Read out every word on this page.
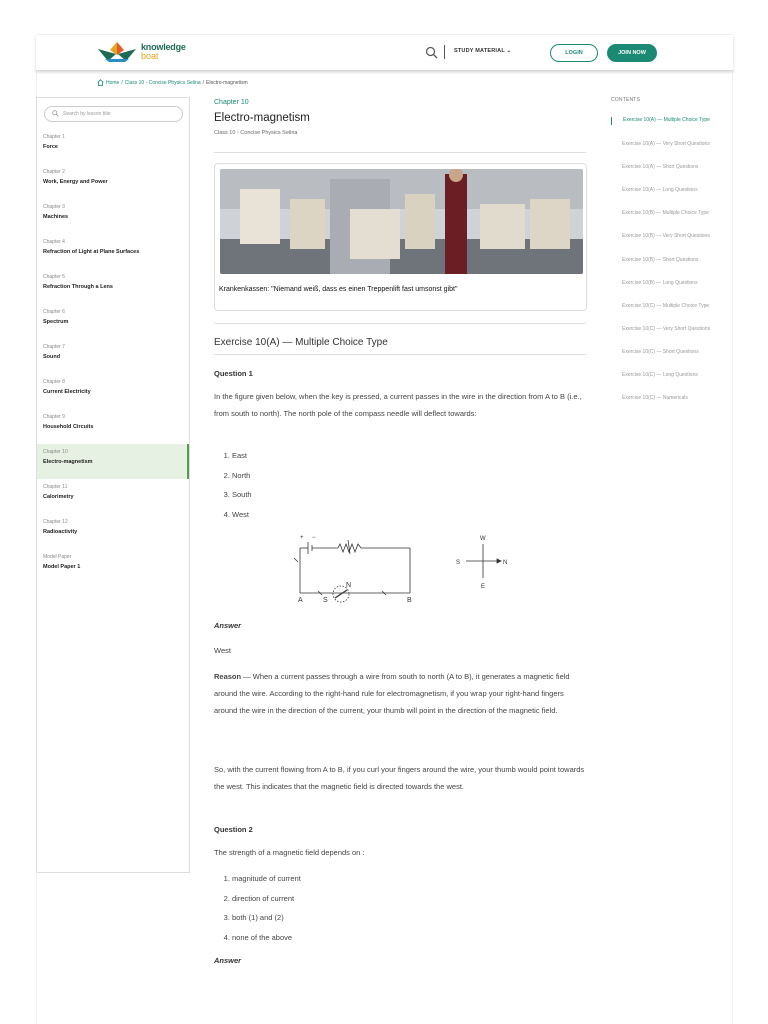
knowledge
boat	STUDY MATERIAL ⌄	LOGIN	JOIN NOW
Home / Class 10 - Concise Physics Selina / Electro-magnetism
Search by lesson title
Chapter 1
Force
Chapter 2
Work, Energy and Power
Chapter 3
Machines
Chapter 4
Refraction of Light at Plane Surfaces
Chapter 5
Refraction Through a Lens
Chapter 6
Spectrum
Chapter 7
Sound
Chapter 8
Current Electricity
Chapter 9
Household Circuits
Chapter 10
Electro-magnetism
Chapter 11
Calorimetry
Chapter 12
Radioactivity
Model Paper
Model Paper 1
Chapter 10
Electro-magnetism
Class 10 - Concise Physics Selina
Krankenkassen: "Niemand weiß, dass es einen Treppenlift fast umsonst gibt"
Exercise 10(A) — Multiple Choice Type
Question 1
In the figure given below, when the key is pressed, a current passes in the wire in the direction from A to B (i.e., from south to north). The north pole of the compass needle will deflect towards:
1. East
2. North
3. South
4. West
+ −
A	S
N
B
W
S	N
E
Answer
West
Reason — When a current passes through a wire from south to north (A to B), it generates a magnetic field around the wire. According to the right-hand rule for electromagnetism, if you wrap your right-hand fingers around the wire in the direction of the current, your thumb will point in the direction of the magnetic field.
So, with the current flowing from A to B, if you curl your fingers around the wire, your thumb would point towards the west. This indicates that the magnetic field is directed towards the west.
Question 2
The strength of a magnetic field depends on :
1. magnitude of current
2. direction of current
3. both (1) and (2)
4. none of the above
Answer
CONTENTS
Exercise 10(A) — Multiple Choice Type
Exercise 10(A) — Very Short Questions
Exercise 10(A) — Short Questions
Exercise 10(A) — Long Questions
Exercise 10(B) — Multiple Choice Type
Exercise 10(B) — Very Short Questions
Exercise 10(B) — Short Questions
Exercise 10(B) — Long Questions
Exercise 10(C) — Multiple Choice Type
Exercise 10(C) — Very Short Questions
Exercise 10(C) — Short Questions
Exercise 10(C) — Long Questions
Exercise 10(C) — Numericals
